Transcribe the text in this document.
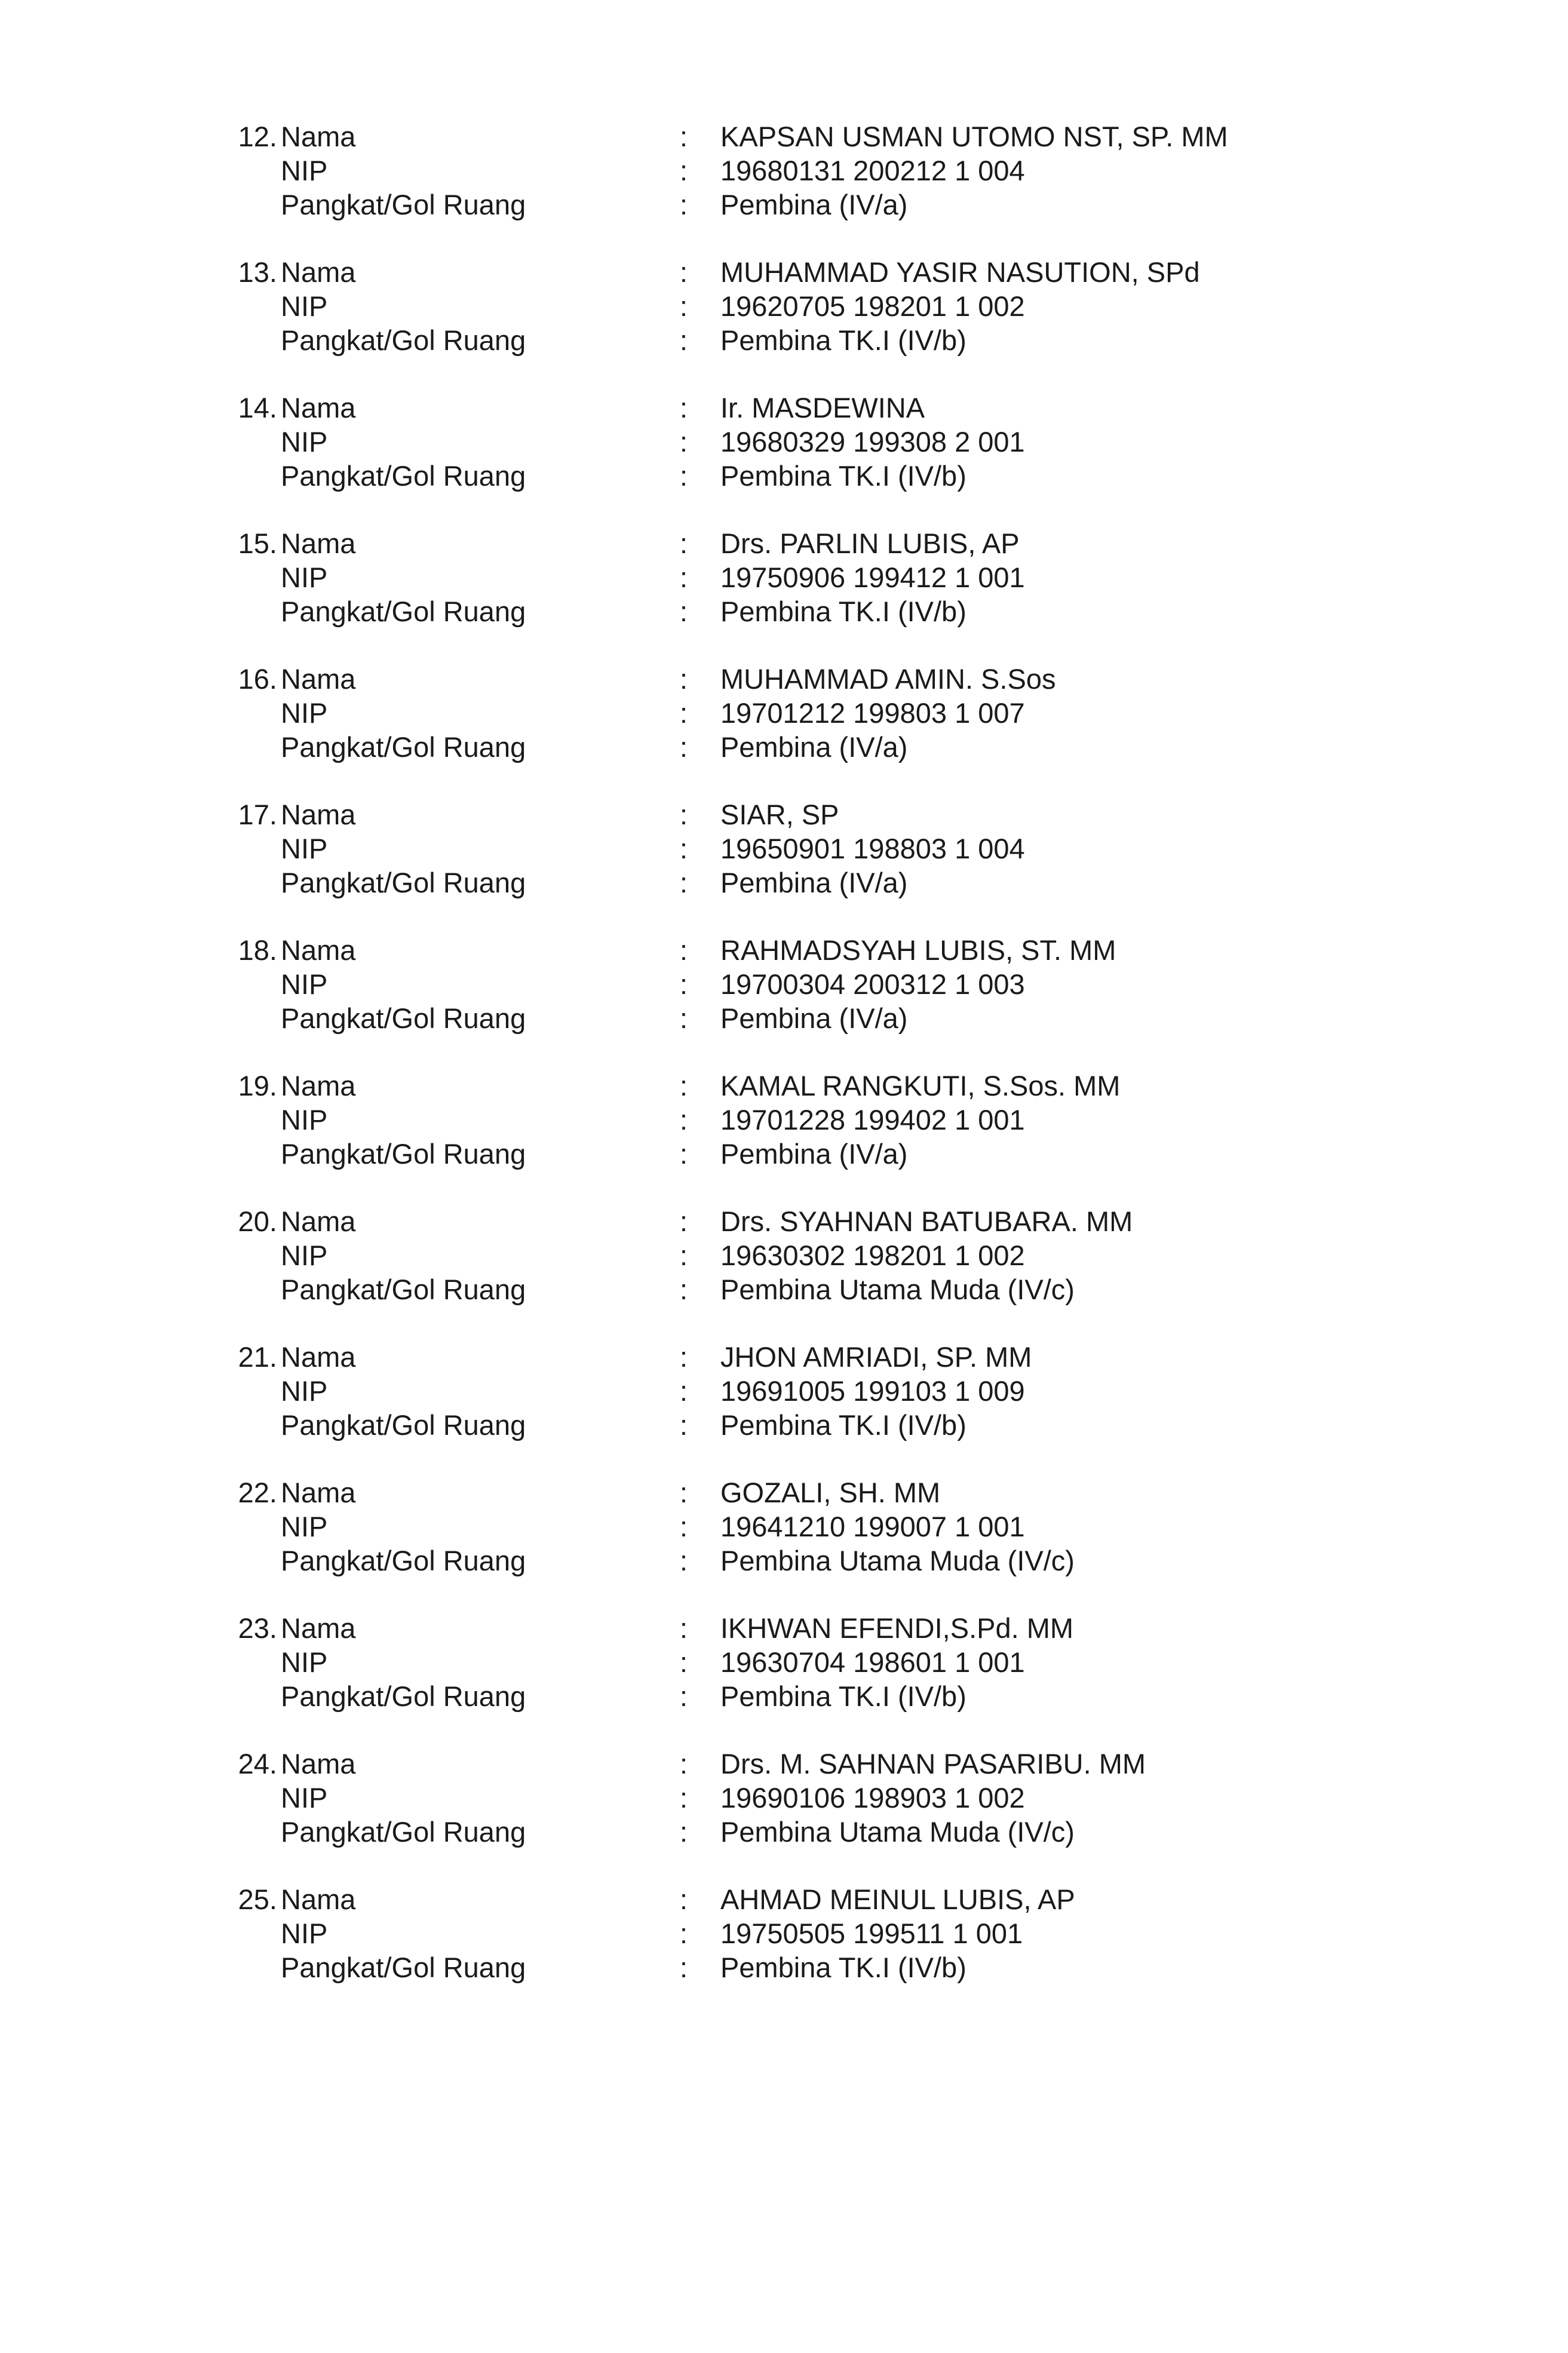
12. Nama	: KAPSAN USMAN UTOMO NST, SP. MM
NIP	: 19680131 200212 1 004
Pangkat/Gol Ruang	: Pembina (IV/a)
13. Nama	: MUHAMMAD YASIR NASUTION, SPd
NIP	: 19620705 198201 1 002
Pangkat/Gol Ruang	: Pembina TK.I (IV/b)
14. Nama	: Ir. MASDEWINA
NIP	: 19680329 199308 2 001
Pangkat/Gol Ruang	: Pembina TK.I (IV/b)
15. Nama	: Drs. PARLIN LUBIS, AP
NIP	: 19750906 199412 1 001
Pangkat/Gol Ruang	: Pembina TK.I (IV/b)
16. Nama	: MUHAMMAD AMIN. S.Sos
NIP	: 19701212 199803 1 007
Pangkat/Gol Ruang	: Pembina (IV/a)
17. Nama	: SIAR, SP
NIP	: 19650901 198803 1 004
Pangkat/Gol Ruang	: Pembina (IV/a)
18. Nama	: RAHMADSYAH LUBIS, ST. MM
NIP	: 19700304 200312 1 003
Pangkat/Gol Ruang	: Pembina (IV/a)
19. Nama	: KAMAL RANGKUTI, S.Sos. MM
NIP	: 19701228 199402 1 001
Pangkat/Gol Ruang	: Pembina (IV/a)
20. Nama	: Drs. SYAHNAN BATUBARA. MM
NIP	: 19630302 198201 1 002
Pangkat/Gol Ruang	: Pembina Utama Muda (IV/c)
21. Nama	: JHON AMRIADI, SP. MM
NIP	: 19691005 199103 1 009
Pangkat/Gol Ruang	: Pembina TK.I (IV/b)
22. Nama	: GOZALI, SH. MM
NIP	: 19641210 199007 1 001
Pangkat/Gol Ruang	: Pembina Utama Muda (IV/c)
23. Nama	: IKHWAN EFENDI,S.Pd. MM
NIP	: 19630704 198601 1 001
Pangkat/Gol Ruang	: Pembina TK.I (IV/b)
24. Nama	: Drs. M. SAHNAN PASARIBU. MM
NIP	: 19690106 198903 1 002
Pangkat/Gol Ruang	: Pembina Utama Muda (IV/c)
25. Nama	: AHMAD MEINUL LUBIS, AP
NIP	: 19750505 199511 1 001
Pangkat/Gol Ruang	: Pembina TK.I (IV/b)
